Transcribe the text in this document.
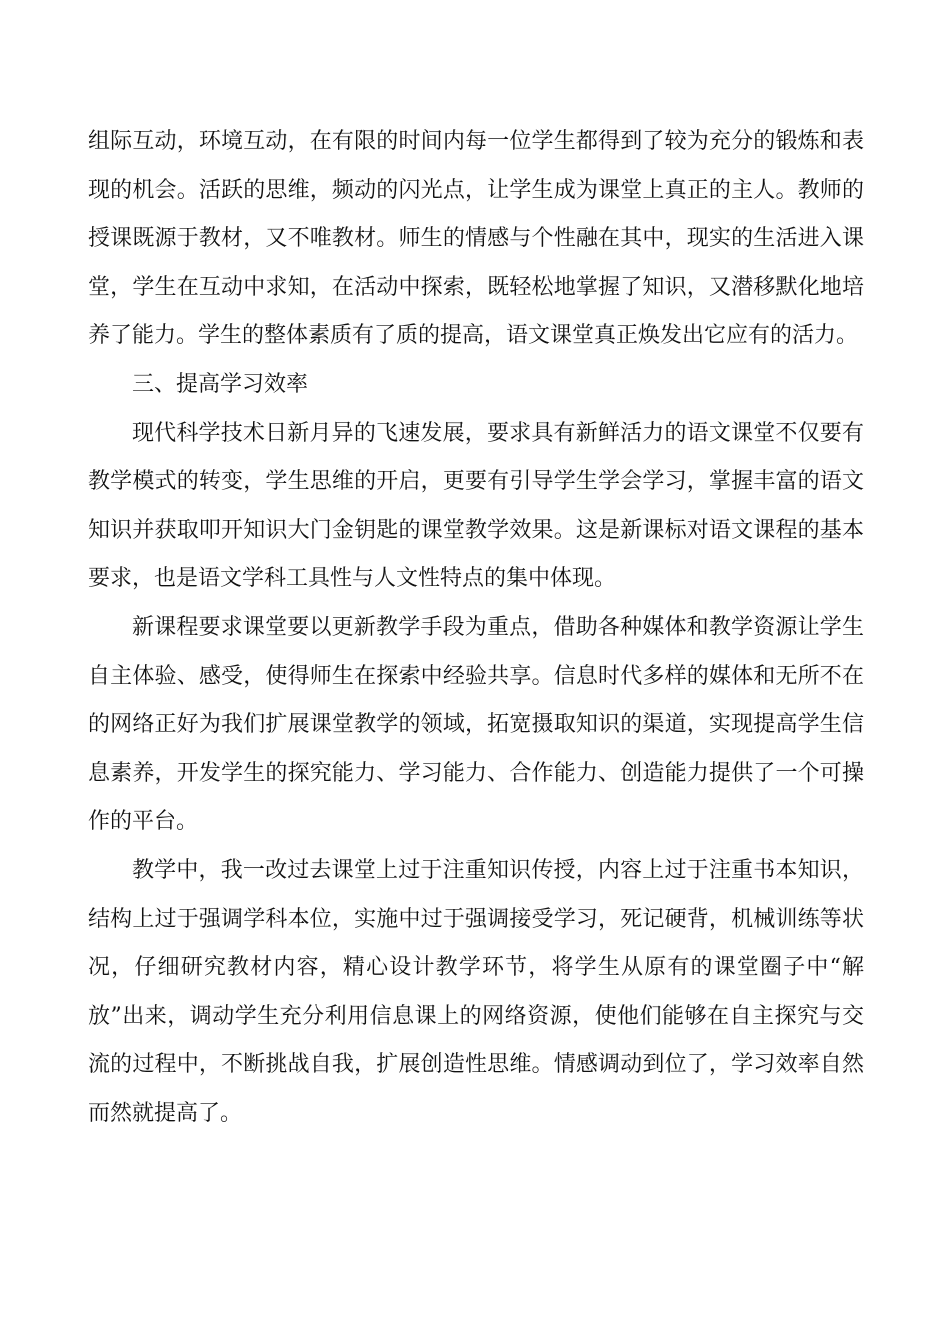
组际互动，环境互动，在有限的时间内每一位学生都得到了较为充分的锻炼和表现的机会。活跃的思维，频动的闪光点，让学生成为课堂上真正的主人。教师的授课既源于教材，又不唯教材。师生的情感与个性融在其中，现实的生活进入课堂，学生在互动中求知，在活动中探索，既轻松地掌握了知识，又潜移默化地培养了能力。学生的整体素质有了质的提高，语文课堂真正焕发出它应有的活力。

三、提高学习效率

现代科学技术日新月异的飞速发展，要求具有新鲜活力的语文课堂不仅要有教学模式的转变，学生思维的开启，更要有引导学生学会学习，掌握丰富的语文知识并获取叩开知识大门金钥匙的课堂教学效果。这是新课标对语文课程的基本要求，也是语文学科工具性与人文性特点的集中体现。

新课程要求课堂要以更新教学手段为重点，借助各种媒体和教学资源让学生自主体验、感受，使得师生在探索中经验共享。信息时代多样的媒体和无所不在的网络正好为我们扩展课堂教学的领域，拓宽摄取知识的渠道，实现提高学生信息素养，开发学生的探究能力、学习能力、合作能力、创造能力提供了一个可操作的平台。

教学中，我一改过去课堂上过于注重知识传授，内容上过于注重书本知识，结构上过于强调学科本位，实施中过于强调接受学习，死记硬背，机械训练等状况，仔细研究教材内容，精心设计教学环节，将学生从原有的课堂圈子中“解放”出来，调动学生充分利用信息课上的网络资源，使他们能够在自主探究与交流的过程中，不断挑战自我，扩展创造性思维。情感调动到位了，学习效率自然而然就提高了。
